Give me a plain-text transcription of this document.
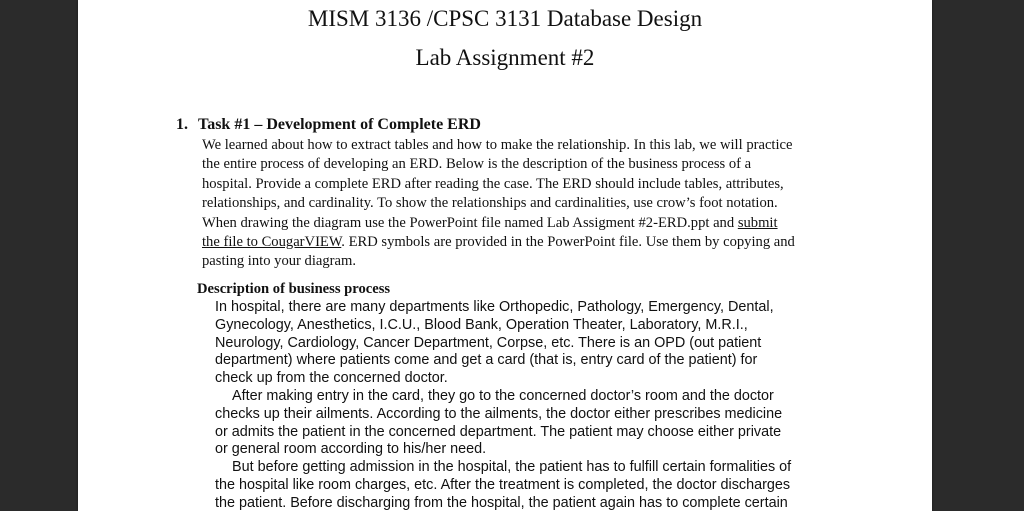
MISM 3136 /CPSC 3131 Database Design
Lab Assignment #2
1. Task #1 – Development of Complete ERD
We learned about how to extract tables and how to make the relationship. In this lab, we will practice
the entire process of developing an ERD. Below is the description of the business process of a
hospital. Provide a complete ERD after reading the case. The ERD should include tables, attributes,
relationships, and cardinality. To show the relationships and cardinalities, use crow’s foot notation.
When drawing the diagram use the PowerPoint file named Lab Assigment #2-ERD.ppt and submit
the file to CougarVIEW. ERD symbols are provided in the PowerPoint file. Use them by copying and
pasting into your diagram.
Description of business process
In hospital, there are many departments like Orthopedic, Pathology, Emergency, Dental,
Gynecology, Anesthetics, I.C.U., Blood Bank, Operation Theater, Laboratory, M.R.I.,
Neurology, Cardiology, Cancer Department, Corpse, etc. There is an OPD (out patient
department) where patients come and get a card (that is, entry card of the patient) for
check up from the concerned doctor.
After making entry in the card, they go to the concerned doctor’s room and the doctor
checks up their ailments. According to the ailments, the doctor either prescribes medicine
or admits the patient in the concerned department. The patient may choose either private
or general room according to his/her need.
But before getting admission in the hospital, the patient has to fulfill certain formalities of
the hospital like room charges, etc. After the treatment is completed, the doctor discharges
the patient. Before discharging from the hospital, the patient again has to complete certain
